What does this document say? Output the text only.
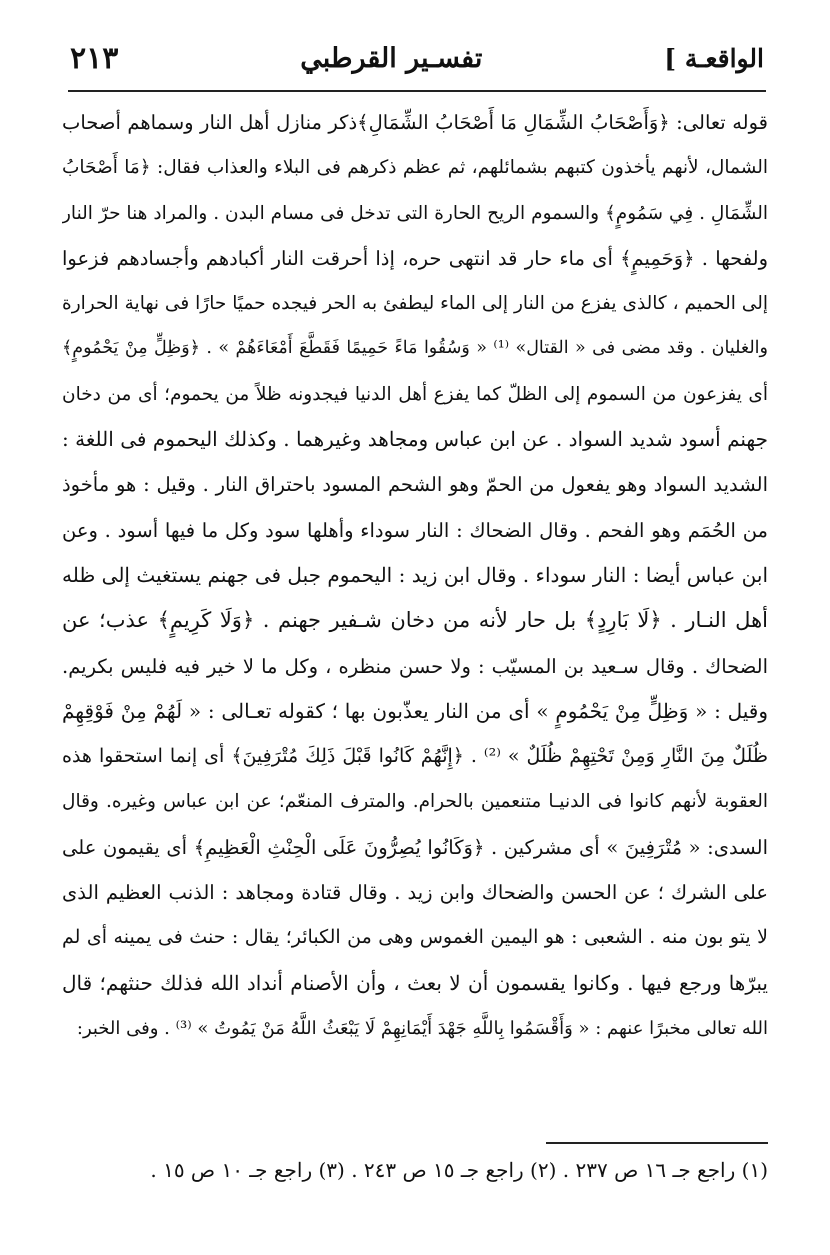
٢١٣	تفسـير القرطبي	الواقعـة ]
قوله تعالى: ﴿وَأَصْحَابُ الشِّمَالِ مَا أَصْحَابُ الشِّمَالِ﴾ذكر منازل أهل النار وسماهم أصحاب
الشمال، لأنهم يأخذون كتبهم بشمائلهم، ثم عظم ذكرهم فى البلاء والعذاب فقال: ﴿مَا أَصْحَابُ
الشِّمَالِ . فِي سَمُومٍ﴾ والسموم الريح الحارة التى تدخل فى مسام البدن . والمراد هنا حرّ النار
ولفحها . ﴿وَحَمِيمٍ﴾ أى ماء حار قد انتهى حره، إذا أحرقت النار أكبادهم وأجسادهم فزعوا
إلى الحميم ، كالذى يفزع من النار إلى الماء ليطفئ به الحر فيجده حميًا حارًا فى نهاية الحرارة
والغليان . وقد مضى فى « القتال» ⁽¹⁾ « وَسُقُوا مَاءً حَمِيمًا فَقَطَّعَ أَمْعَاءَهُمْ » . ﴿وَظِلٍّ مِنْ يَحْمُومٍ﴾
أى يفزعون من السموم إلى الظلّ كما يفزع أهل الدنيا فيجدونه ظلاً من يحموم؛ أى من دخان
جهنم أسود شديد السواد . عن ابن عباس ومجاهد وغيرهما . وكذلك اليحموم فى اللغة :
الشديد السواد وهو يفعول من الحمّ وهو الشحم المسود باحتراق النار . وقيل : هو مأخوذ
من الحُمَم وهو الفحم . وقال الضحاك : النار سوداء وأهلها سود وكل ما فيها أسود . وعن
ابن عباس أيضا : النار سوداء . وقال ابن زيد : اليحموم جبل فى جهنم يستغيث إلى ظله
أهل النـار . ﴿لَا بَارِدٍ﴾ بل حار لأنه من دخان شـفير جهنم . ﴿وَلَا كَرِيمٍ﴾ عذب؛ عن
الضحاك . وقال سـعيد بن المسيّب : ولا حسن منظره ، وكل ما لا خير فيه فليس بكريم.
وقيل : « وَظِلٍّ مِنْ يَحْمُومٍ » أى من النار يعذّبون بها ؛ كقوله تعـالى : « لَهُمْ مِنْ فَوْقِهِمْ
ظُلَلٌ مِنَ النَّارِ وَمِنْ تَحْتِهِمْ ظُلَلٌ » ⁽²⁾ . ﴿إِنَّهُمْ كَانُوا قَبْلَ ذَلِكَ مُتْرَفِينَ﴾ أى إنما استحقوا هذه
العقوبة لأنهم كانوا فى الدنيـا متنعمين بالحرام. والمترف المنعّم؛ عن ابن عباس وغيره. وقال
السدى: « مُتْرَفِينَ » أى مشركين . ﴿وَكَانُوا يُصِرُّونَ عَلَى الْحِنْثِ الْعَظِيمِ﴾ أى يقيمون على
على الشرك ؛ عن الحسن والضحاك وابن زيد . وقال قتادة ومجاهد : الذنب العظيم الذى
لا يتو بون منه . الشعبى : هو اليمين الغموس وهى من الكبائر؛ يقال : حنث فى يمينه أى لم
يبرّها ورجع فيها . وكانوا يقسمون أن لا بعث ، وأن الأصنام أنداد الله فذلك حنثهم؛ قال
الله تعالى مخبرًا عنهم : « وَأَقْسَمُوا بِاللَّهِ جَهْدَ أَيْمَانِهِمْ لَا يَبْعَثُ اللَّهُ مَنْ يَمُوتُ » ⁽³⁾ . وفى الخبر:
(١) راجع جـ ١٦ ص ٢٣٧ . (٢) راجع جـ ١٥ ص ٢٤٣ . (٣) راجع جـ ١٠ ص ١٥ .
